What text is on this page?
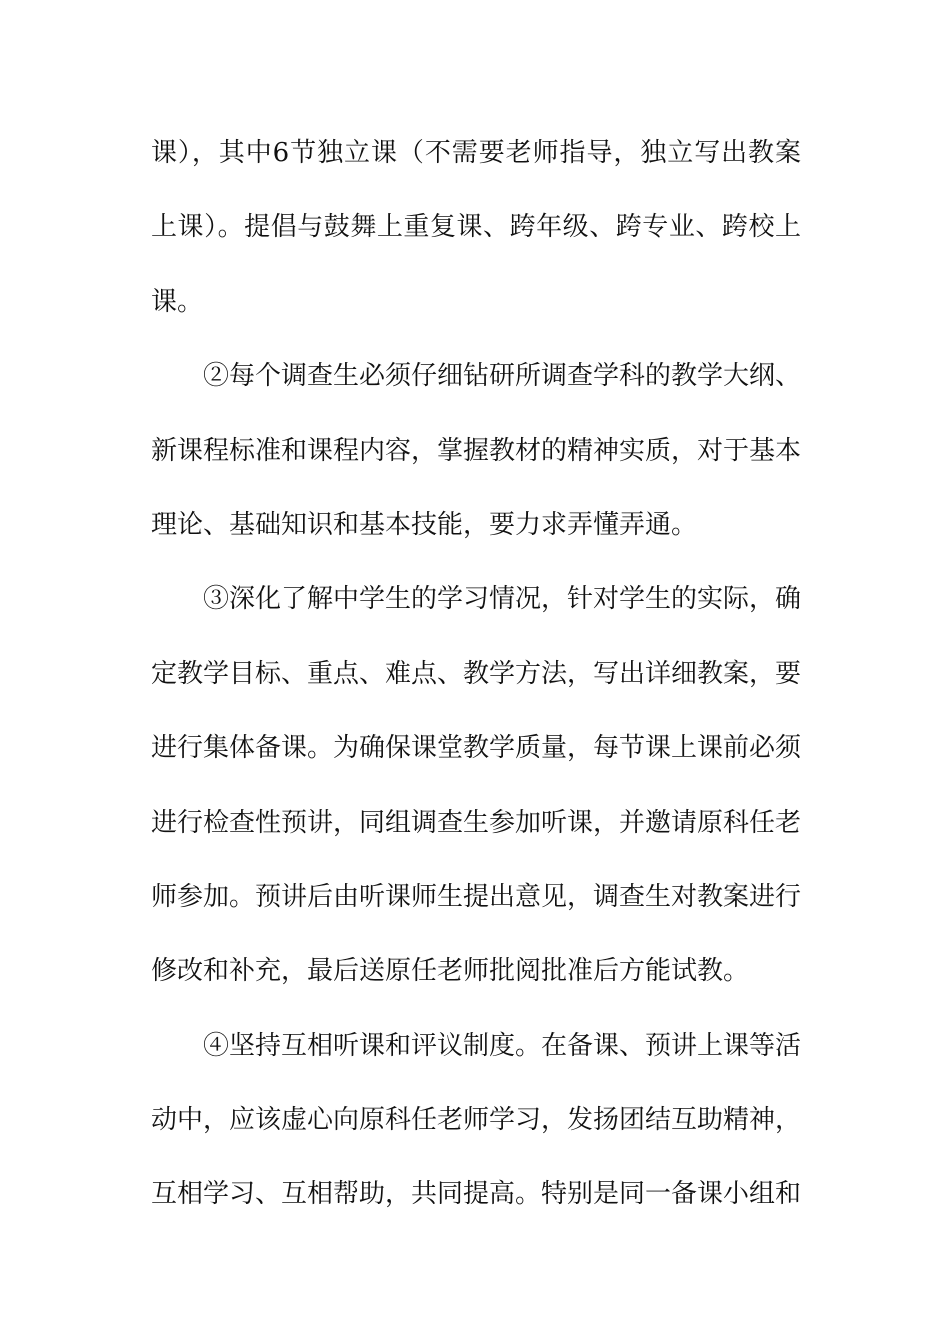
课），其中6节独立课（不需要老师指导，独立写出教案
上课）。提倡与鼓舞上重复课、跨年级、跨专业、跨校上
课。
②每个调查生必须仔细钻研所调查学科的教学大纲、
新课程标准和课程内容，掌握教材的精神实质，对于基本
理论、基础知识和基本技能，要力求弄懂弄通。
③深化了解中学生的学习情况，针对学生的实际，确
定教学目标、重点、难点、教学方法，写出详细教案，要
进行集体备课。为确保课堂教学质量，每节课上课前必须
进行检查性预讲，同组调查生参加听课，并邀请原科任老
师参加。预讲后由听课师生提出意见，调查生对教案进行
修改和补充，最后送原任老师批阅批准后方能试教。
④坚持互相听课和评议制度。在备课、预讲上课等活
动中，应该虚心向原科任老师学习，发扬团结互助精神，
互相学习、互相帮助，共同提高。特别是同一备课小组和
